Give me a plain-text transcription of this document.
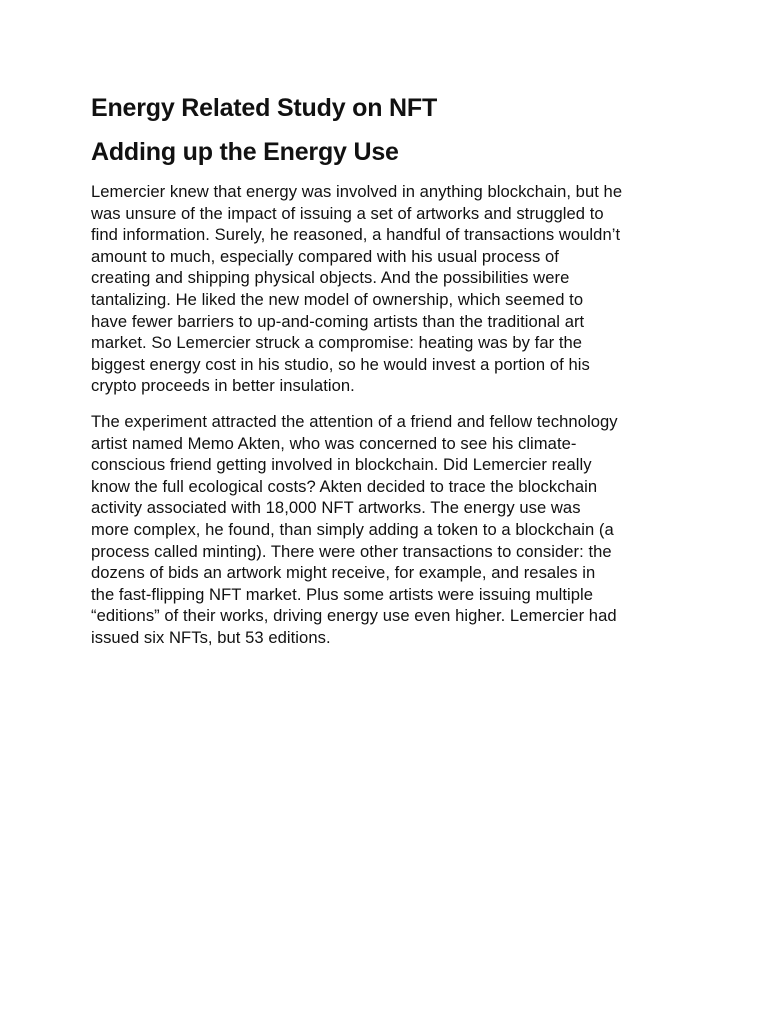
Energy Related Study on NFT
Adding up the Energy Use

Lemercier knew that energy was involved in anything blockchain, but he
was unsure of the impact of issuing a set of artworks and struggled to
find information. Surely, he reasoned, a handful of transactions wouldn’t
amount to much, especially compared with his usual process of
creating and shipping physical objects. And the possibilities were
tantalizing. He liked the new model of ownership, which seemed to
have fewer barriers to up-and-coming artists than the traditional art
market. So Lemercier struck a compromise: heating was by far the
biggest energy cost in his studio, so he would invest a portion of his
crypto proceeds in better insulation.

The experiment attracted the attention of a friend and fellow technology
artist named Memo Akten, who was concerned to see his climate-
conscious friend getting involved in blockchain. Did Lemercier really
know the full ecological costs? Akten decided to trace the blockchain
activity associated with 18,000 NFT artworks. The energy use was
more complex, he found, than simply adding a token to a blockchain (a
process called minting). There were other transactions to consider: the
dozens of bids an artwork might receive, for example, and resales in
the fast-flipping NFT market. Plus some artists were issuing multiple
“editions” of their works, driving energy use even higher. Lemercier had
issued six NFTs, but 53 editions.
